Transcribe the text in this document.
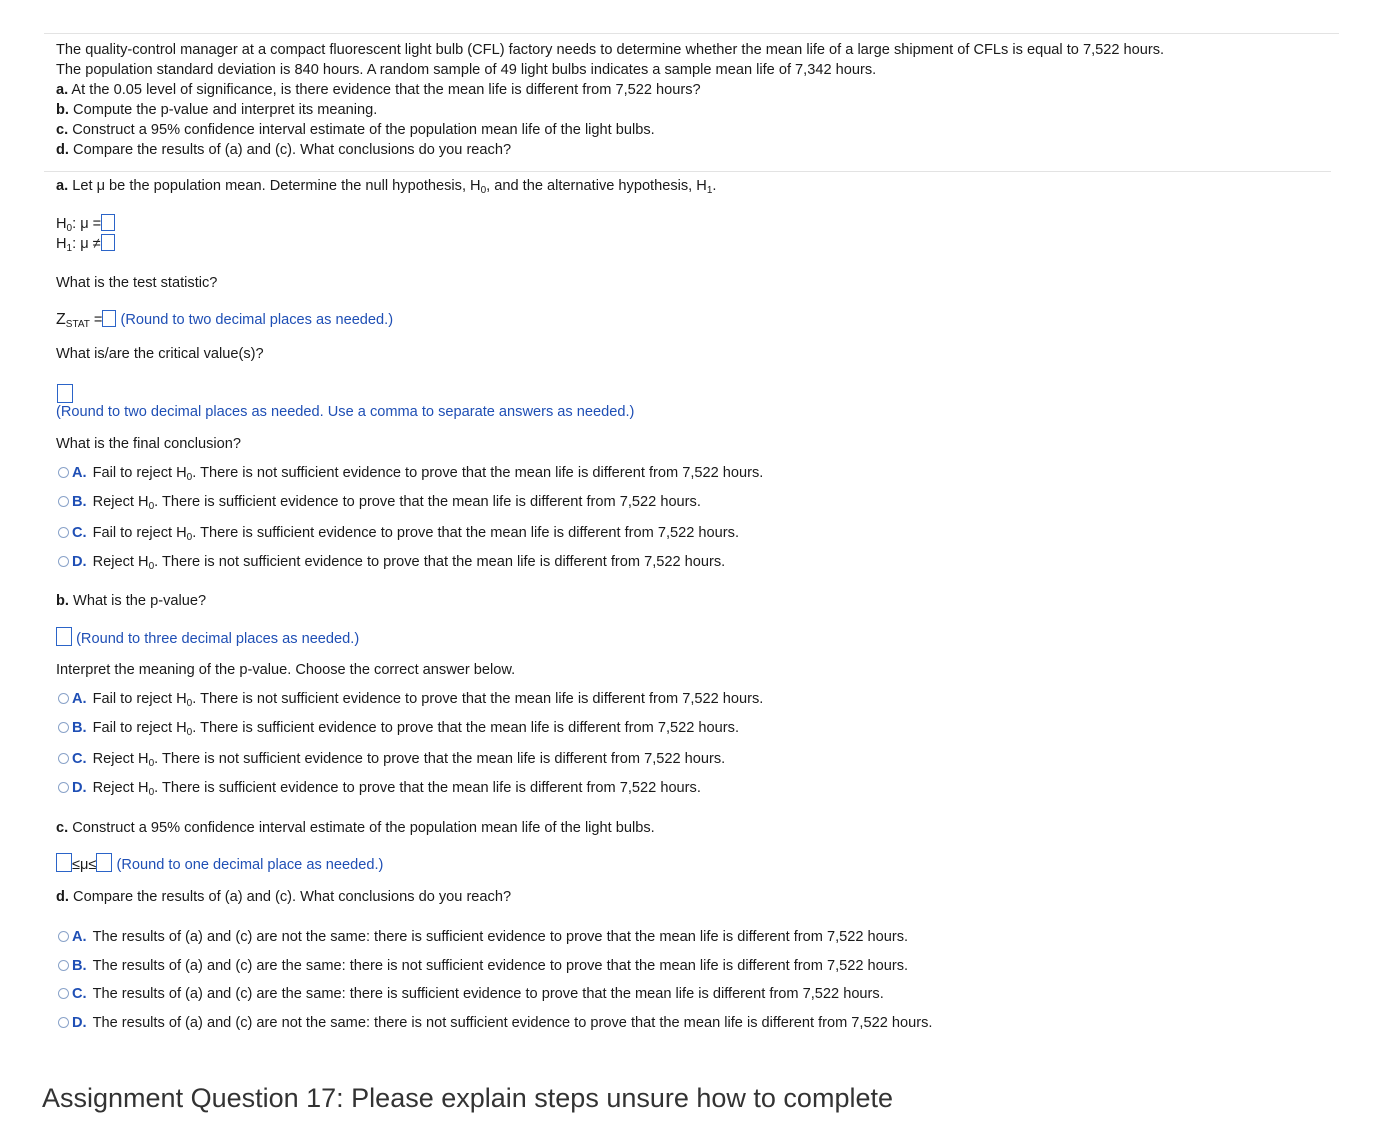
The quality-control manager at a compact fluorescent light bulb (CFL) factory needs to determine whether the mean life of a large shipment of CFLs is equal to 7,522 hours.
The population standard deviation is 840 hours. A random sample of 49 light bulbs indicates a sample mean life of 7,342 hours.
a. At the 0.05 level of significance, is there evidence that the mean life is different from 7,522 hours?
b. Compute the p-value and interpret its meaning.
c. Construct a 95% confidence interval estimate of the population mean life of the light bulbs.
d. Compare the results of (a) and (c). What conclusions do you reach?
a. Let μ be the population mean. Determine the null hypothesis, $H_0$, and the alternative hypothesis, $H_1$.
$H_0$: μ =
$H_1$: μ ≠
What is the test statistic?
$Z_{STAT}$ = (Round to two decimal places as needed.)
What is/are the critical value(s)?
(Round to two decimal places as needed. Use a comma to separate answers as needed.)
What is the final conclusion?
A. Fail to reject $H_0$. There is not sufficient evidence to prove that the mean life is different from 7,522 hours.
B. Reject $H_0$. There is sufficient evidence to prove that the mean life is different from 7,522 hours.
C. Fail to reject $H_0$. There is sufficient evidence to prove that the mean life is different from 7,522 hours.
D. Reject $H_0$. There is not sufficient evidence to prove that the mean life is different from 7,522 hours.
b. What is the p-value?
(Round to three decimal places as needed.)
Interpret the meaning of the p-value. Choose the correct answer below.
A. Fail to reject $H_0$. There is not sufficient evidence to prove that the mean life is different from 7,522 hours.
B. Fail to reject $H_0$. There is sufficient evidence to prove that the mean life is different from 7,522 hours.
C. Reject $H_0$. There is not sufficient evidence to prove that the mean life is different from 7,522 hours.
D. Reject $H_0$. There is sufficient evidence to prove that the mean life is different from 7,522 hours.
c. Construct a 95% confidence interval estimate of the population mean life of the light bulbs.
≤μ≤ (Round to one decimal place as needed.)
d. Compare the results of (a) and (c). What conclusions do you reach?
A. The results of (a) and (c) are not the same: there is sufficient evidence to prove that the mean life is different from 7,522 hours.
B. The results of (a) and (c) are the same: there is not sufficient evidence to prove that the mean life is different from 7,522 hours.
C. The results of (a) and (c) are the same: there is sufficient evidence to prove that the mean life is different from 7,522 hours.
D. The results of (a) and (c) are not the same: there is not sufficient evidence to prove that the mean life is different from 7,522 hours.
Assignment Question 17: Please explain steps unsure how to complete
